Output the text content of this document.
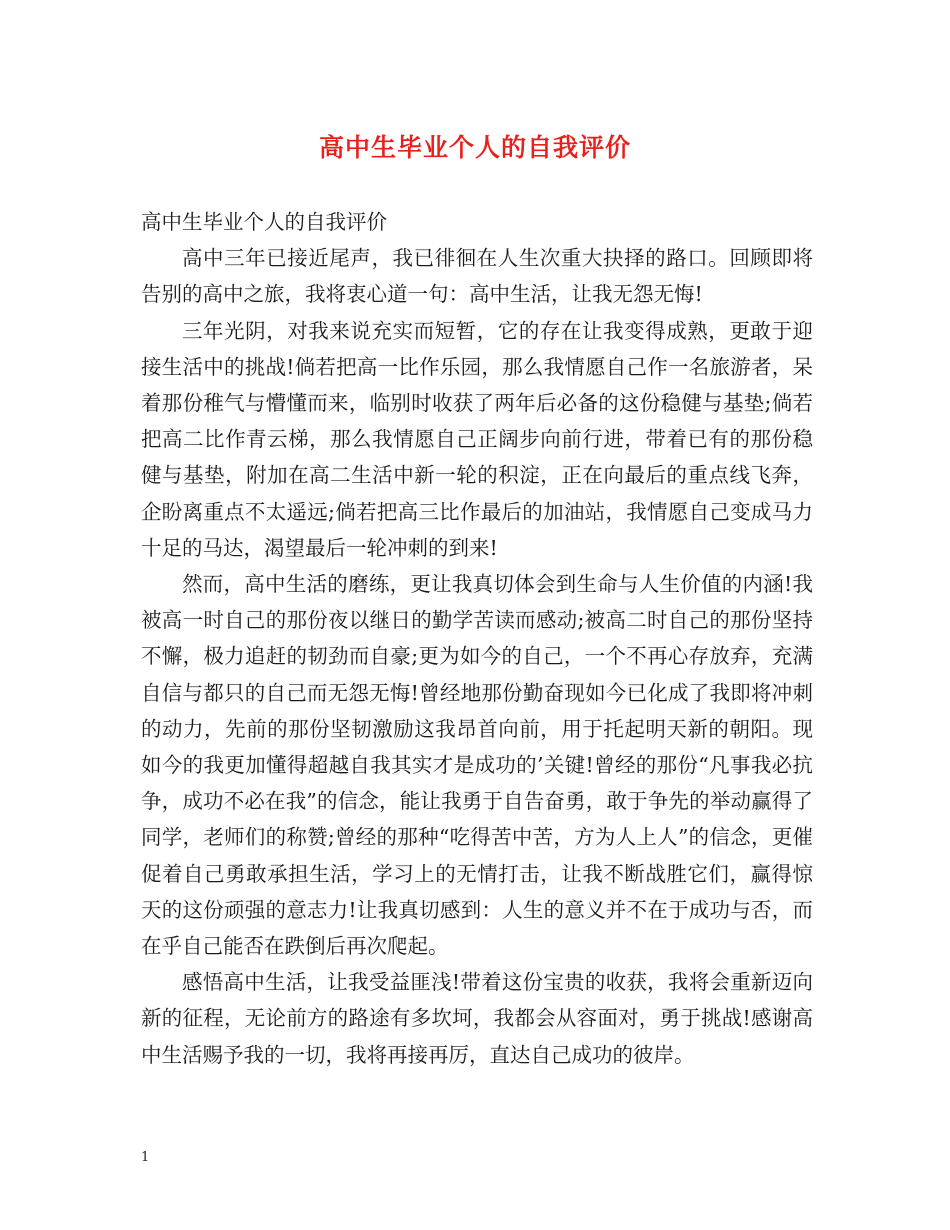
高中生毕业个人的自我评价

高中生毕业个人的自我评价

高中三年已接近尾声，我已徘徊在人生次重大抉择的路口。回顾即将告别的高中之旅，我将衷心道一句：高中生活，让我无怨无悔!

三年光阴，对我来说充实而短暂，它的存在让我变得成熟，更敢于迎接生活中的挑战!倘若把高一比作乐园，那么我情愿自己作一名旅游者，呆着那份稚气与懵懂而来，临别时收获了两年后必备的这份稳健与基垫;倘若把高二比作青云梯，那么我情愿自己正阔步向前行进，带着已有的那份稳健与基垫，附加在高二生活中新一轮的积淀，正在向最后的重点线飞奔，企盼离重点不太遥远;倘若把高三比作最后的加油站，我情愿自己变成马力十足的马达，渴望最后一轮冲刺的到来!

然而，高中生活的磨练，更让我真切体会到生命与人生价值的内涵!我被高一时自己的那份夜以继日的勤学苦读而感动;被高二时自己的那份坚持不懈，极力追赶的韧劲而自豪;更为如今的自己，一个不再心存放弃，充满自信与都只的自己而无怨无悔!曾经地那份勤奋现如今已化成了我即将冲刺的动力，先前的那份坚韧激励这我昂首向前，用于托起明天新的朝阳。现如今的我更加懂得超越自我其实才是成功的’关键!曾经的那份“凡事我必抗争，成功不必在我”的信念，能让我勇于自告奋勇，敢于争先的举动赢得了同学，老师们的称赞;曾经的那种“吃得苦中苦，方为人上人”的信念，更催促着自己勇敢承担生活，学习上的无情打击，让我不断战胜它们，赢得惊天的这份顽强的意志力!让我真切感到：人生的意义并不在于成功与否，而在乎自己能否在跌倒后再次爬起。

感悟高中生活，让我受益匪浅!带着这份宝贵的收获，我将会重新迈向新的征程，无论前方的路途有多坎坷，我都会从容面对，勇于挑战!感谢高中生活赐予我的一切，我将再接再厉，直达自己成功的彼岸。

1
